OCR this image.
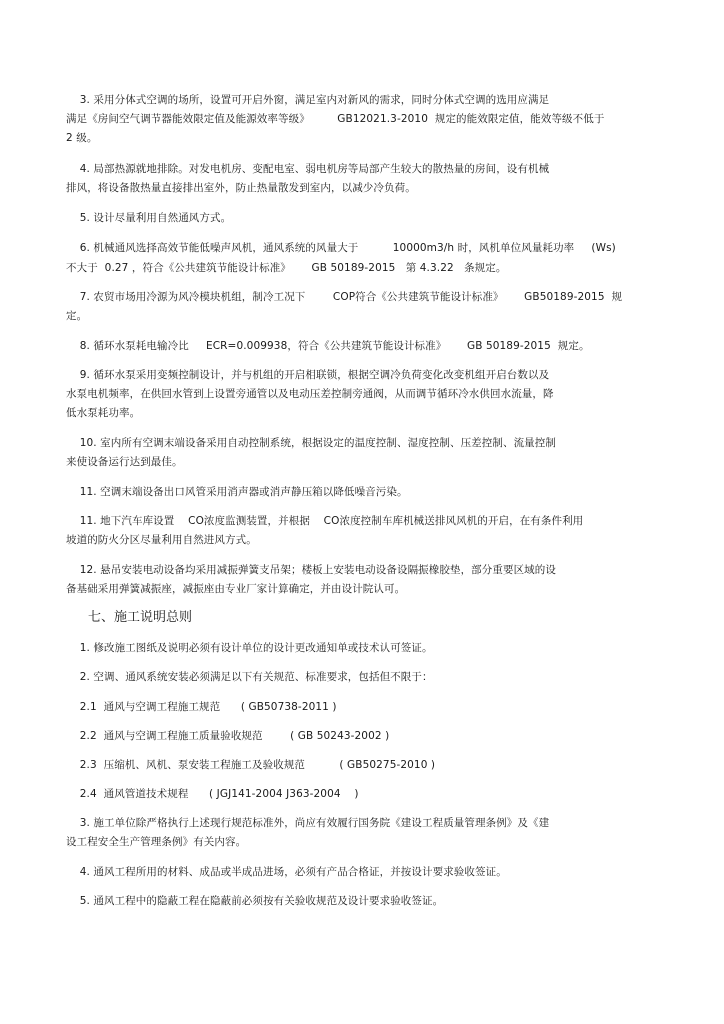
3. 采用分体式空调的场所，设置可开启外窗，满足室内对新风的需求，同时分体式空调的选用应满足
满足《房间空气调节器能效限定值及能源效率等级》        GB12021.3-2010  规定的能效限定值，能效等级不低于
2 级。
4. 局部热源就地排除。对发电机房、变配电室、弱电机房等局部产生较大的散热量的房间，设有机械
排风，将设备散热量直接排出室外，防止热量散发到室内，以减少冷负荷。
5. 设计尽量利用自然通风方式。
6. 机械通风选择高效节能低噪声风机，通风系统的风量大于          10000m3/h 时，风机单位风量耗功率     (Ws)
不大于  0.27 ，符合《公共建筑节能设计标准》      GB 50189-2015   第 4.3.22   条规定。
7. 农贸市场用冷源为风冷模块机组，制冷工况下        COP符合《公共建筑节能设计标准》      GB50189-2015  规
定。
8. 循环水泵耗电输冷比     ECR=0.009938，符合《公共建筑节能设计标准》      GB 50189-2015  规定。
9. 循环水泵采用变频控制设计，并与机组的开启相联锁，根据空调冷负荷变化改变机组开启台数以及
水泵电机频率，在供回水管到上设置旁通管以及电动压差控制旁通阀，从而调节循环冷水供回水流量，降
低水泵耗功率。
10. 室内所有空调末端设备采用自动控制系统，根据设定的温度控制、湿度控制、压差控制、流量控制
来使设备运行达到最佳。
11. 空调末端设备出口风管采用消声器或消声静压箱以降低噪音污染。
11. 地下汽车库设置    CO浓度监测装置，并根据    CO浓度控制车库机械送排风风机的开启，在有条件利用
坡道的防火分区尽量利用自然进风方式。
12. 悬吊安装电动设备均采用减振弹簧支吊架；楼板上安装电动设备设隔振橡胶垫，部分重要区域的设
备基础采用弹簧减振座，减振座由专业厂家计算确定，并由设计院认可。
七、施工说明总则
1. 修改施工图纸及说明必须有设计单位的设计更改通知单或技术认可签证。
2. 空调、通风系统安装必须满足以下有关规范、标准要求，包括但不限于：
2.1  通风与空调工程施工规范      ( GB50738-2011 )
2.2  通风与空调工程施工质量验收规范        ( GB 50243-2002 )
2.3  压缩机、风机、泵安装工程施工及验收规范          ( GB50275-2010 )
2.4  通风管道技术规程      ( JGJ141-2004 J363-2004    )
3. 施工单位除严格执行上述现行规范标准外，尚应有效履行国务院《建设工程质量管理条例》及《建
设工程安全生产管理条例》有关内容。
4. 通风工程所用的材料、成品或半成品进场，必须有产品合格证，并按设计要求验收签证。
5. 通风工程中的隐蔽工程在隐蔽前必须按有关验收规范及设计要求验收签证。
